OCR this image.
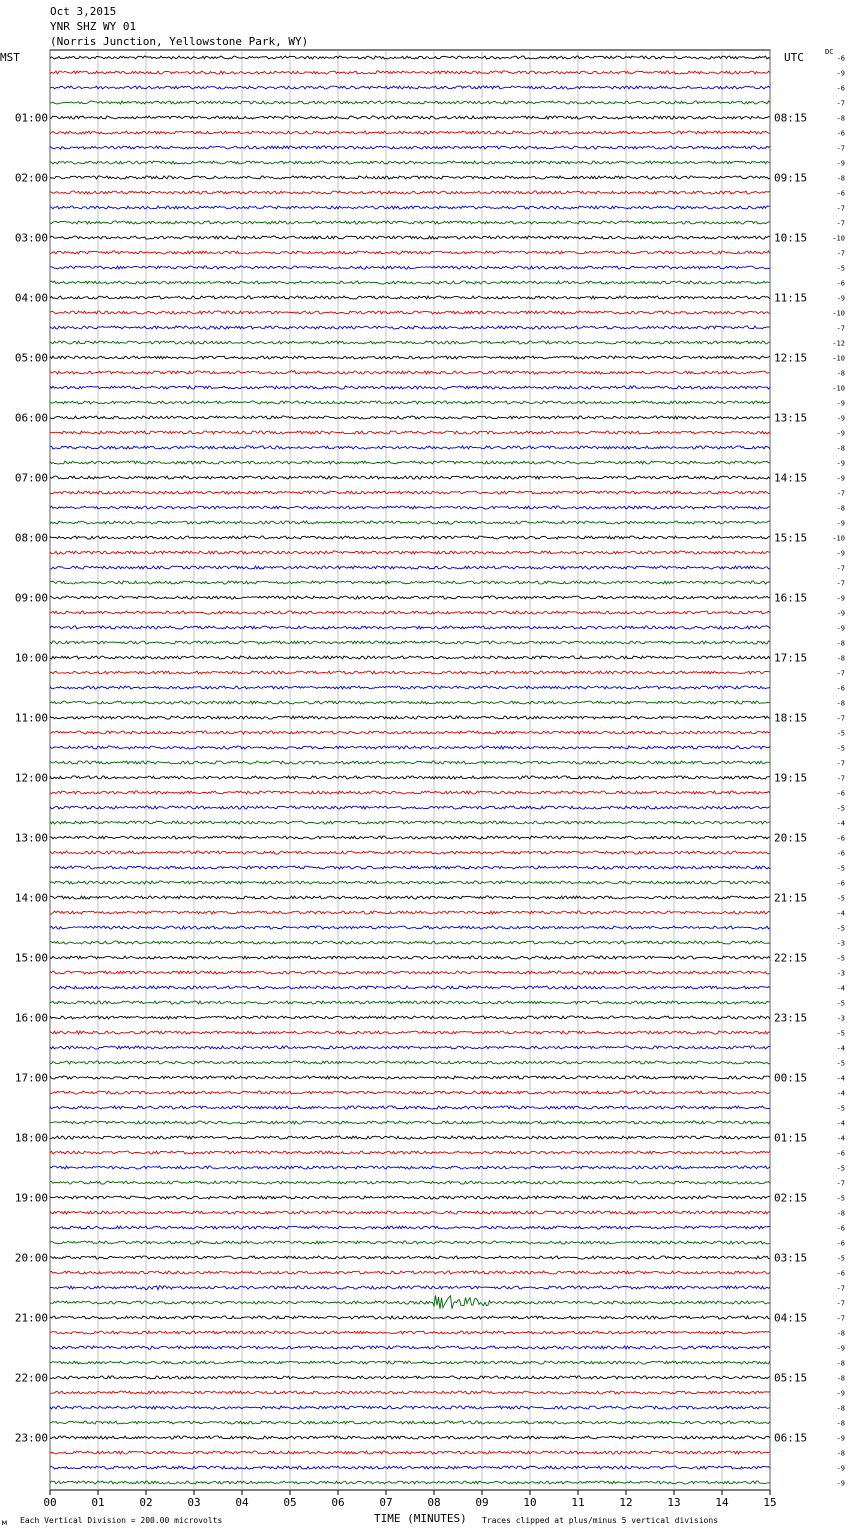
Oct 3,2015
YNR SHZ WY 01
(Norris Junction, Yellowstone Park, WY)
MST	UTC	DC
00	01	02	03	04	05	06	07	08	09	10	11	12	13	14	15
-6
-9
-6
-7
-8
-6
-7
-9
-8
-6
-7
-7
-10
-7
-5
-6
-9
-10
-7
-12
-10
-8
-10
-9
-9
-9
-8
-9
-9
-7
-8
-9
-10
-9
-7
-7
-9
-9
-9
-8
-8
-7
-6
-8
-7
-5
-5
-7
-7
-6
-5
-4
-6
-6
-5
-6
-5
-4
-5
-3
-5
-3
-4
-5
-3
-5
-4
-5
-4
-4
-5
-4
-4
-6
-5
-7
-5
-8
-6
-6
-5
-6
-7
-7
-7
-8
-9
-8
-8
-9
-8
-8
-9
-8
-9
-9
01:00
02:00
03:00
04:00
05:00
06:00
07:00
08:00
09:00
10:00
11:00
12:00
13:00
14:00
15:00
16:00
17:00
18:00
19:00
20:00
21:00
22:00
23:00
08:15
09:15
10:15
11:15
12:15
13:15
14:15
15:15
16:15
17:15
18:15
19:15
20:15
21:15
22:15
23:15
00:15
01:15
02:15
03:15
04:15
05:15
06:15
TIME (MINUTES)
м Each Vertical Division = 200.00 microvolts	Traces clipped at plus/minus 5 vertical divisions
